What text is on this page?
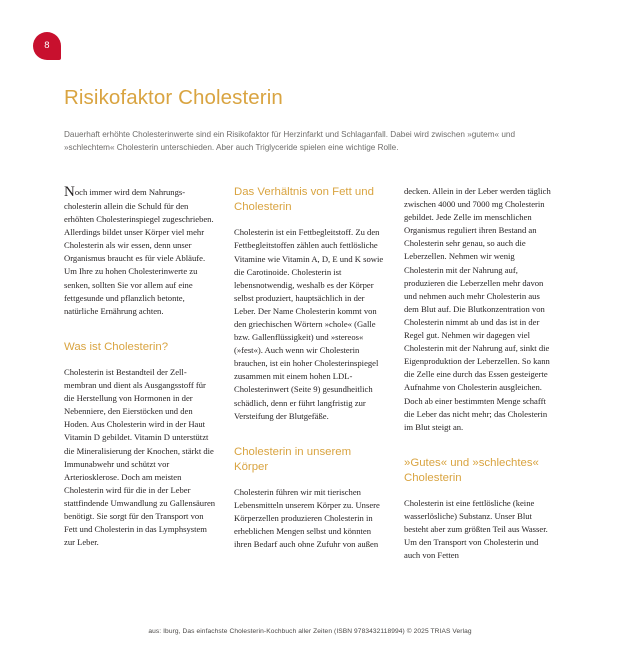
8
Risikofaktor Cholesterin

Dauerhaft erhöhte Cholesterinwerte sind ein Risikofaktor für Herzinfarkt und Schlaganfall. Dabei wird zwischen »gutem« und »schlechtem« Cholesterin unterschieden. Aber auch Triglyceride spielen eine wichtige Rolle.

Noch immer wird dem Nahrungscholesterin allein die Schuld für den erhöhten Cholesterinspiegel zugeschrieben. Allerdings bildet unser Körper viel mehr Cholesterin als wir essen, denn unser Organismus braucht es für viele Abläufe. Um Ihre zu hohen Cholesterinwerte zu senken, sollten Sie vor allem auf eine fettgesunde und pflanzlich betonte, natürliche Ernährung achten.

Was ist Cholesterin?

Cholesterin ist Bestandteil der Zellmembran und dient als Ausgangsstoff für die Herstellung von Hormonen in der Nebenniere, den Eierstöcken und den Hoden. Aus Cholesterin wird in der Haut Vitamin D gebildet. Vitamin D unterstützt die Mineralisierung der Knochen, stärkt die Immunabwehr und schützt vor Arteriosklerose. Doch am meisten Cholesterin wird für die in der Leber stattfindende Umwandlung zu Gallensäuren benötigt. Sie sorgt für den Transport von Fett und Cholesterin in das Lymphsystem zur Leber.

Das Verhältnis von Fett und Cholesterin

Cholesterin ist ein Fettbegleitstoff. Zu den Fettbegleitstoffen zählen auch fettlösliche Vitamine wie Vitamin A, D, E und K sowie die Carotinoide. Cholesterin ist lebensnotwendig, weshalb es der Körper selbst produziert, hauptsächlich in der Leber. Der Name Cholesterin kommt von den griechischen Wörtern »chole« (Galle bzw. Gallenflüssigkeit) und »stereos« (»fest«). Auch wenn wir Cholesterin brauchen, ist ein hoher Cholesterinspiegel zusammen mit einem hohen LDL-Cholesterinwert (Seite 9) gesundheitlich schädlich, denn er führt langfristig zur Versteifung der Blutgefäße.

Cholesterin in unserem Körper

Cholesterin führen wir mit tierischen Lebensmitteln unserem Körper zu. Unsere Körperzellen produzieren Cholesterin in erheblichen Mengen selbst und könnten ihren Bedarf auch ohne Zufuhr von außen

decken. Allein in der Leber werden täglich zwischen 4000 und 7000 mg Cholesterin gebildet. Jede Zelle im menschlichen Organismus reguliert ihren Bestand an Cholesterin sehr genau, so auch die Leberzellen. Nehmen wir wenig Cholesterin mit der Nahrung auf, produzieren die Leberzellen mehr davon und nehmen auch mehr Cholesterin aus dem Blut auf. Die Blutkonzentration von Cholesterin nimmt ab und das ist in der Regel gut. Nehmen wir dagegen viel Cholesterin mit der Nahrung auf, sinkt die Eigenproduktion der Leberzellen. So kann die Zelle eine durch das Essen gesteigerte Aufnahme von Cholesterin ausgleichen. Doch ab einer bestimmten Menge schafft die Leber das nicht mehr; das Cholesterin im Blut steigt an.

»Gutes« und »schlechtes« Cholesterin

Cholesterin ist eine fettlösliche (keine wasserlösliche) Substanz. Unser Blut besteht aber zum größten Teil aus Wasser. Um den Transport von Cholesterin und auch von Fetten

aus: Iburg, Das einfachste Cholesterin-Kochbuch aller Zeiten (ISBN 9783432118994) © 2025 TRIAS Verlag
